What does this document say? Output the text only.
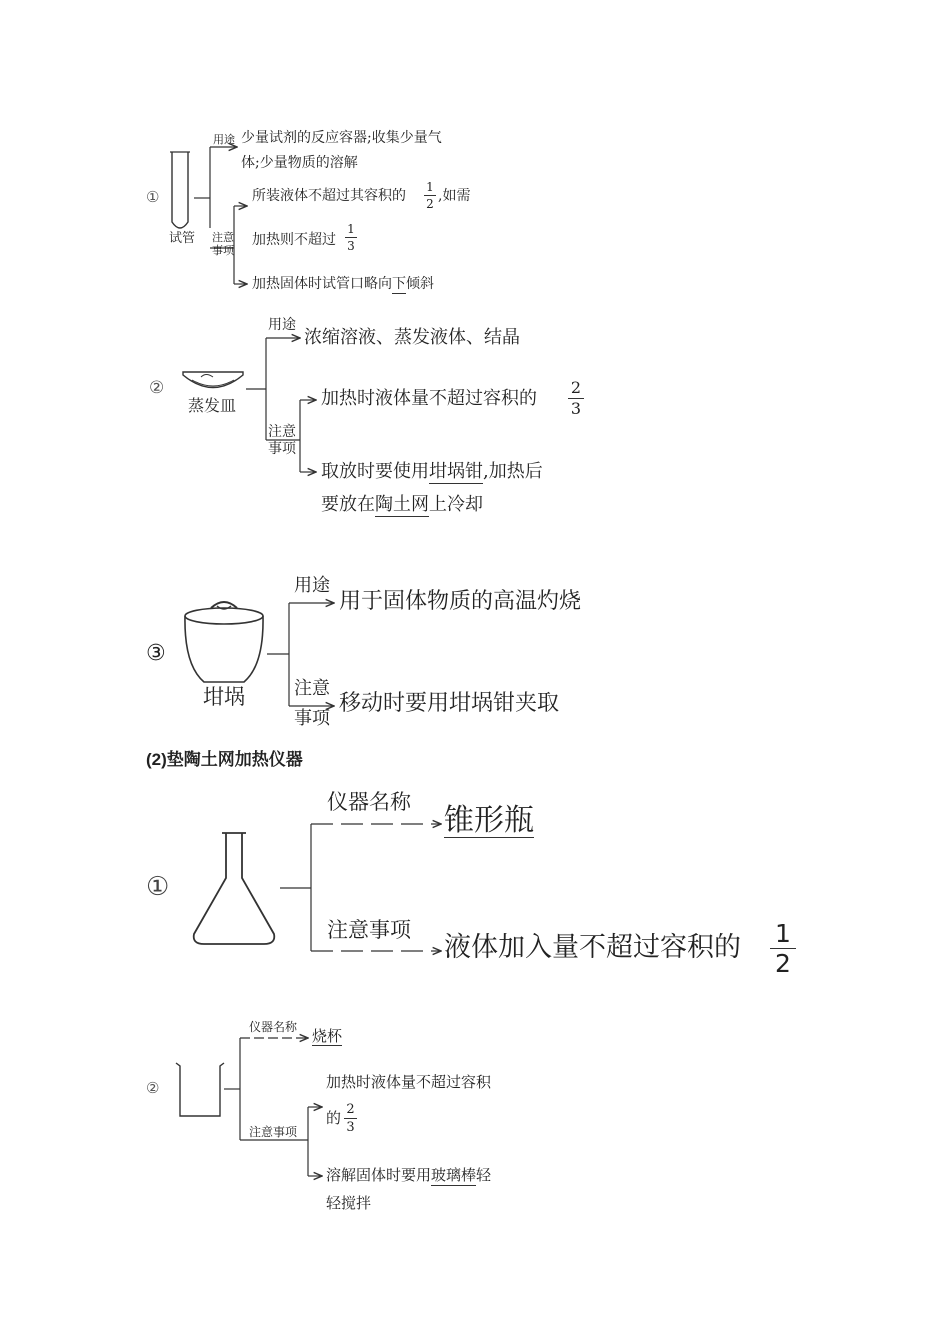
①
试管
用途 少量试剂的反应容器;收集少量气
体;少量物质的溶解
注意
事项
所装液体不超过其容积的
1
2 ,如需
加热则不超过
1
3
加热固体时试管口略向下倾斜
②
蒸发皿
用途
浓缩溶液、蒸发液体、结晶
注意
事项
加热时液体量不超过容积的
2
3
取放时要使用坩埚钳,加热后
要放在陶土网上冷却
③
坩埚
用途
用于固体物质的高温灼烧
注意
事项
移动时要用坩埚钳夹取
(2)垫陶土网加热仪器
①
仪器名称
锥形瓶
注意事项
液体加入量不超过容积的 1
2
②
仪器名称 烧杯
注意事项
加热时液体量不超过容积
的 2
3
溶解固体时要用玻璃棒轻
轻搅拌
